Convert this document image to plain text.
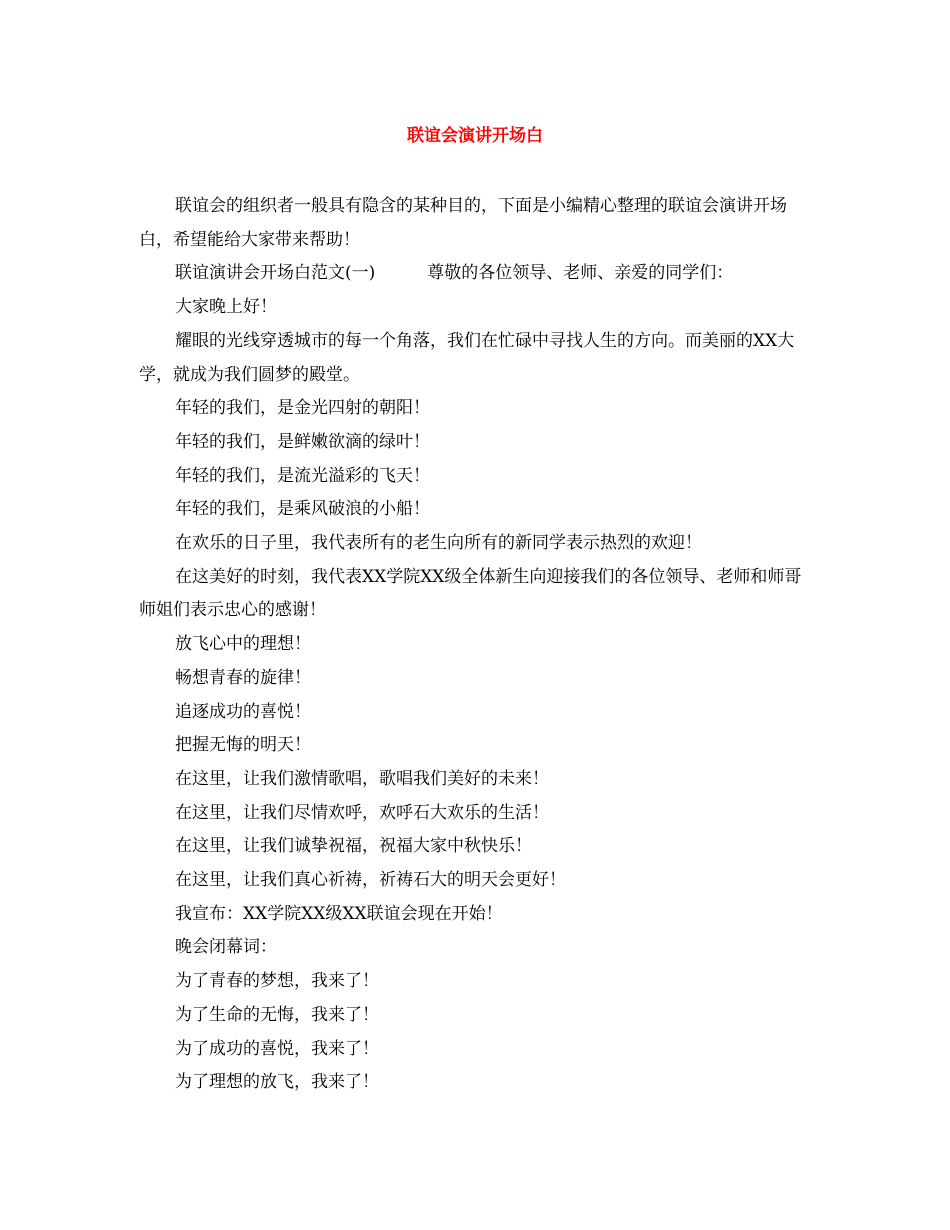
联谊会演讲开场白

联谊会的组织者一般具有隐含的某种目的，下面是小编精心整理的联谊会演讲开场白，希望能给大家带来帮助！

联谊演讲会开场白范文(一)	尊敬的各位领导、老师、亲爱的同学们：

大家晚上好！

耀眼的光线穿透城市的每一个角落，我们在忙碌中寻找人生的方向。而美丽的XX大学，就成为我们圆梦的殿堂。

年轻的我们，是金光四射的朝阳！

年轻的我们，是鲜嫩欲滴的绿叶！

年轻的我们，是流光溢彩的飞天！

年轻的我们，是乘风破浪的小船！

在欢乐的日子里，我代表所有的老生向所有的新同学表示热烈的欢迎！

在这美好的时刻，我代表XX学院XX级全体新生向迎接我们的各位领导、老师和师哥师姐们表示忠心的感谢！

放飞心中的理想！

畅想青春的旋律！

追逐成功的喜悦！

把握无悔的明天！

在这里，让我们激情歌唱，歌唱我们美好的未来！

在这里，让我们尽情欢呼，欢呼石大欢乐的生活！

在这里，让我们诚挚祝福，祝福大家中秋快乐！

在这里，让我们真心祈祷，祈祷石大的明天会更好！

我宣布：XX学院XX级XX联谊会现在开始！

晚会闭幕词：

为了青春的梦想，我来了！

为了生命的无悔，我来了！

为了成功的喜悦，我来了！

为了理想的放飞，我来了！
